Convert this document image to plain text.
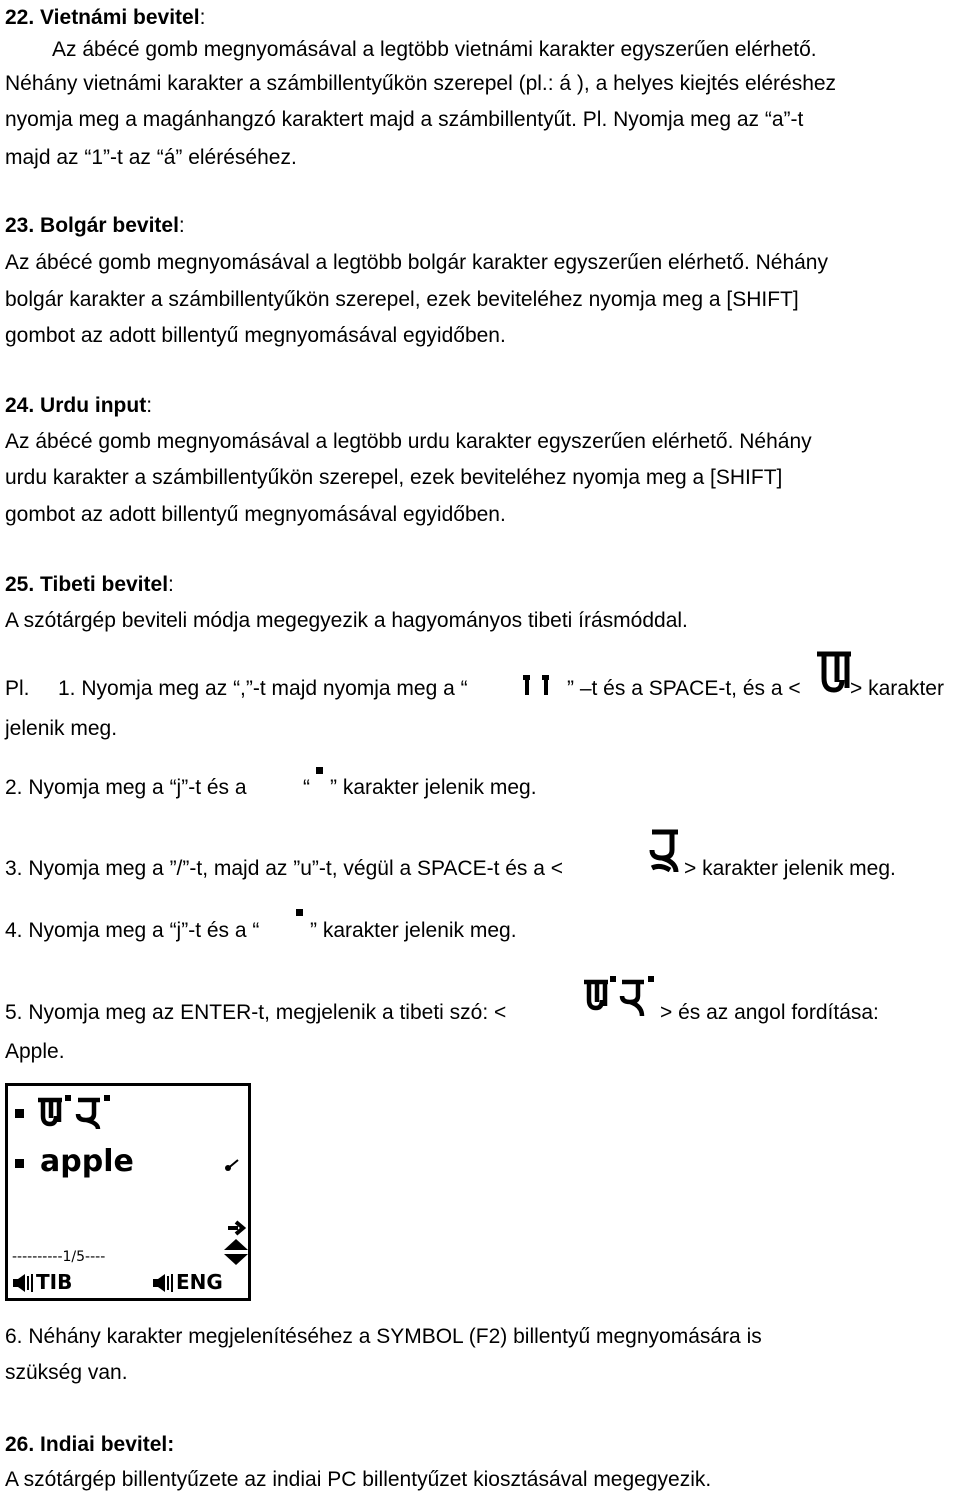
22. Vietnámi bevitel:
Az ábécé gomb megnyomásával a legtöbb vietnámi karakter egyszerűen elérhető.
Néhány vietnámi karakter a számbillentyűkön szerepel (pl.: á ), a helyes kiejtés eléréshez
nyomja meg a magánhangzó karaktert majd a számbillentyűt. Pl. Nyomja meg az “a”-t
majd az “1”-t az “á” eléréséhez.
23. Bolgár bevitel:
Az ábécé gomb megnyomásával a legtöbb bolgár karakter egyszerűen elérhető. Néhány
bolgár karakter a számbillentyűkön szerepel, ezek beviteléhez nyomja meg a [SHIFT]
gombot az adott billentyű megnyomásával egyidőben.
24. Urdu input:
Az ábécé gomb megnyomásával a legtöbb urdu karakter egyszerűen elérhető. Néhány
urdu karakter a számbillentyűkön szerepel, ezek beviteléhez nyomja meg a [SHIFT]
gombot az adott billentyű megnyomásával egyidőben.
25. Tibeti bevitel:
A szótárgép beviteli módja megegyezik a hagyományos tibeti írásmóddal.
Pl. 1. Nyomja meg az “,”-t majd nyomja meg a “	” –t és a SPACE-t, és a < > karakter
jelenik meg.
2. Nyomja meg a “j”-t és a	“ ” karakter jelenik meg.
3. Nyomja meg a ”/”-t, majd az ”u”-t, végül a SPACE-t és a <	> karakter jelenik meg.
4. Nyomja meg a “j”-t és a “ ” karakter jelenik meg.
5. Nyomja meg az ENTER-t, megjelenik a tibeti szó: <	> és az angol fordítása:
Apple.
apple
----------1/5----
TIB	ENG
6. Néhány karakter megjelenítéséhez a SYMBOL (F2) billentyű megnyomására is
szükség van.
26. Indiai bevitel:
A szótárgép billentyűzete az indiai PC billentyűzet kiosztásával megegyezik.
